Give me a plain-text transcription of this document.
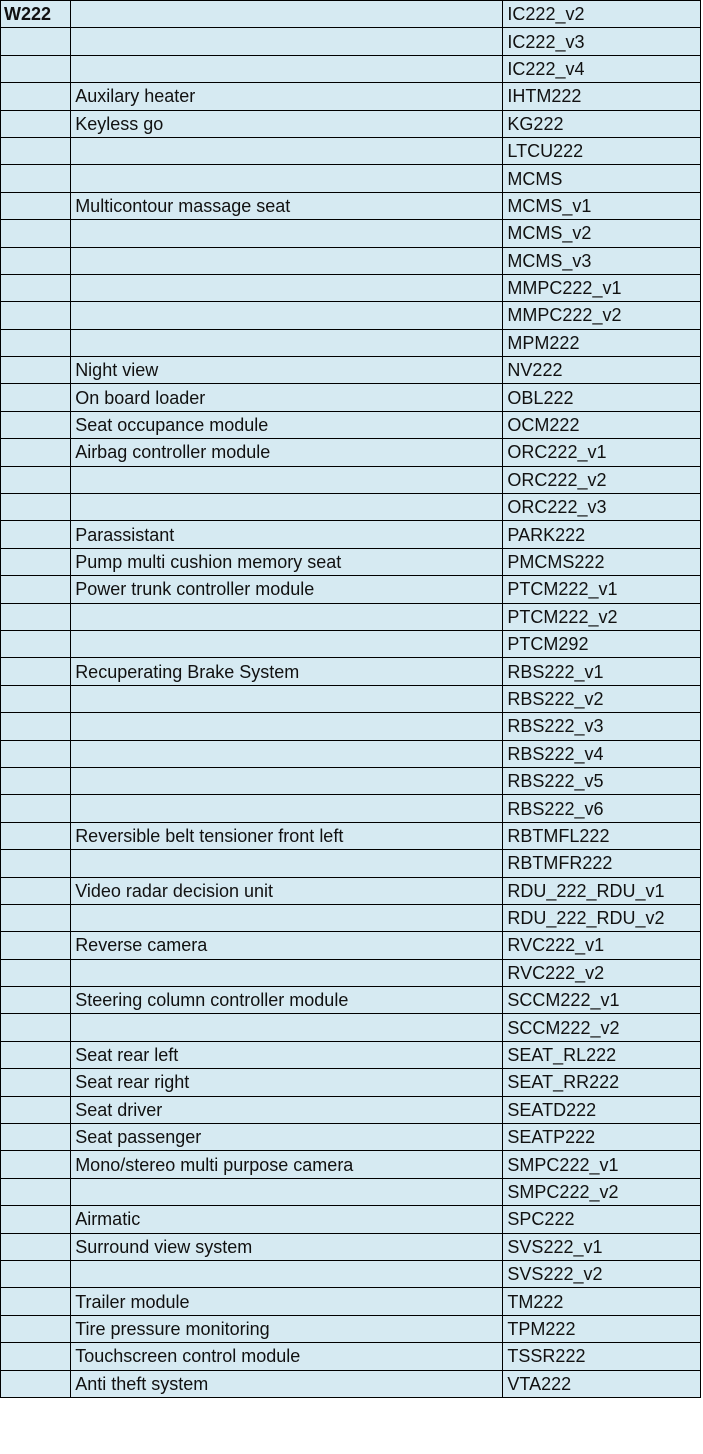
W222		IC222_v2
		IC222_v3
		IC222_v4
	Auxilary heater	IHTM222
	Keyless go	KG222
		LTCU222
		MCMS
	Multicontour massage seat	MCMS_v1
		MCMS_v2
		MCMS_v3
		MMPC222_v1
		MMPC222_v2
		MPM222
	Night view	NV222
	On board loader	OBL222
	Seat occupance module	OCM222
	Airbag controller module	ORC222_v1
		ORC222_v2
		ORC222_v3
	Parassistant	PARK222
	Pump multi cushion memory seat	PMCMS222
	Power trunk controller module	PTCM222_v1
		PTCM222_v2
		PTCM292
	Recuperating Brake System	RBS222_v1
		RBS222_v2
		RBS222_v3
		RBS222_v4
		RBS222_v5
		RBS222_v6
	Reversible belt tensioner front left	RBTMFL222
		RBTMFR222
	Video radar decision unit	RDU_222_RDU_v1
		RDU_222_RDU_v2
	Reverse camera	RVC222_v1
		RVC222_v2
	Steering column controller module	SCCM222_v1
		SCCM222_v2
	Seat rear left	SEAT_RL222
	Seat rear right	SEAT_RR222
	Seat driver	SEATD222
	Seat passenger	SEATP222
	Mono/stereo multi purpose camera	SMPC222_v1
		SMPC222_v2
	Airmatic	SPC222
	Surround view system	SVS222_v1
		SVS222_v2
	Trailer module	TM222
	Tire pressure monitoring	TPM222
	Touchscreen control module	TSSR222
	Anti theft system	VTA222
